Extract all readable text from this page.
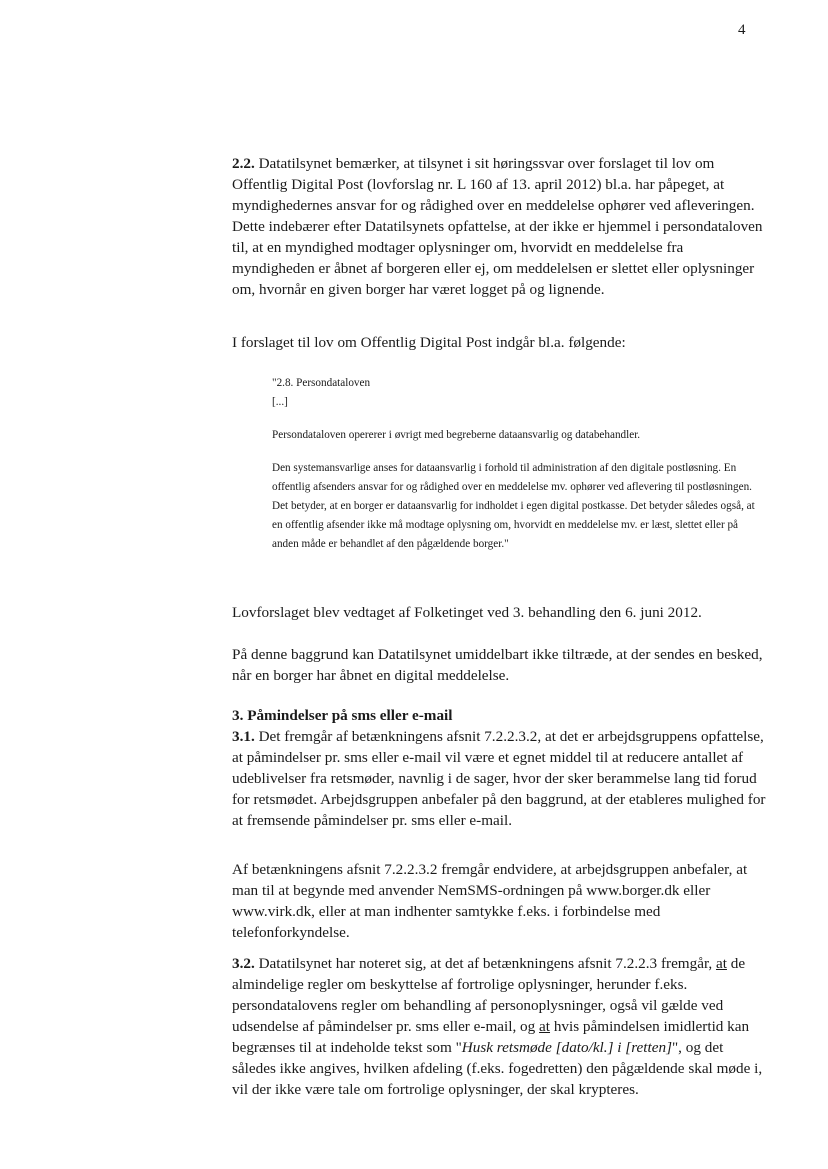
4

2.2. Datatilsynet bemærker, at tilsynet i sit høringssvar over forslaget til lov om Offentlig Digital Post (lovforslag nr. L 160 af 13. april 2012) bl.a. har påpeget, at myndighedernes ansvar for og rådighed over en meddelelse ophører ved afleveringen. Dette indebærer efter Datatilsynets opfattelse, at der ikke er hjemmel i persondataloven til, at en myndighed modtager oplysninger om, hvorvidt en meddelelse fra myndigheden er åbnet af borgeren eller ej, om meddelelsen er slettet eller oplysninger om, hvornår en given borger har været logget på og lignende.

I forslaget til lov om Offentlig Digital Post indgår bl.a. følgende:

"2.8. Persondataloven

[...]

Persondataloven opererer i øvrigt med begreberne dataansvarlig og databehandler.

Den systemansvarlige anses for dataansvarlig i forhold til administration af den digitale postløsning. En offentlig afsenders ansvar for og rådighed over en meddelelse mv. ophører ved aflevering til postløsningen. Det betyder, at en borger er dataansvarlig for indholdet i egen digital postkasse. Det betyder således også, at en offentlig afsender ikke må modtage oplysning om, hvorvidt en meddelelse mv. er læst, slettet eller på anden måde er behandlet af den pågældende borger."

Lovforslaget blev vedtaget af Folketinget ved 3. behandling den 6. juni 2012.

På denne baggrund kan Datatilsynet umiddelbart ikke tiltræde, at der sendes en besked, når en borger har åbnet en digital meddelelse.

3. Påmindelser på sms eller e-mail

3.1. Det fremgår af betænkningens afsnit 7.2.2.3.2, at det er arbejdsgruppens opfattelse, at påmindelser pr. sms eller e-mail vil være et egnet middel til at reducere antallet af udeblivelser fra retsmøder, navnlig i de sager, hvor der sker berammelse lang tid forud for retsmødet. Arbejdsgruppen anbefaler på den baggrund, at der etableres mulighed for at fremsende påmindelser pr. sms eller e-mail.

Af betænkningens afsnit 7.2.2.3.2 fremgår endvidere, at arbejdsgruppen anbefaler, at man til at begynde med anvender NemSMS-ordningen på www.borger.dk eller www.virk.dk, eller at man indhenter samtykke f.eks. i forbindelse med telefonforkyndelse.

3.2. Datatilsynet har noteret sig, at det af betænkningens afsnit 7.2.2.3 fremgår, at de almindelige regler om beskyttelse af fortrolige oplysninger, herunder f.eks. persondatalovens regler om behandling af personoplysninger, også vil gælde ved udsendelse af påmindelser pr. sms eller e-mail, og at hvis påmindelsen imidlertid kan begrænses til at indeholde tekst som "Husk retsmøde [dato/kl.] i [retten]", og det således ikke angives, hvilken afdeling (f.eks. fogedretten) den pågældende skal møde i, vil der ikke være tale om fortrolige oplysninger, der skal krypteres.
